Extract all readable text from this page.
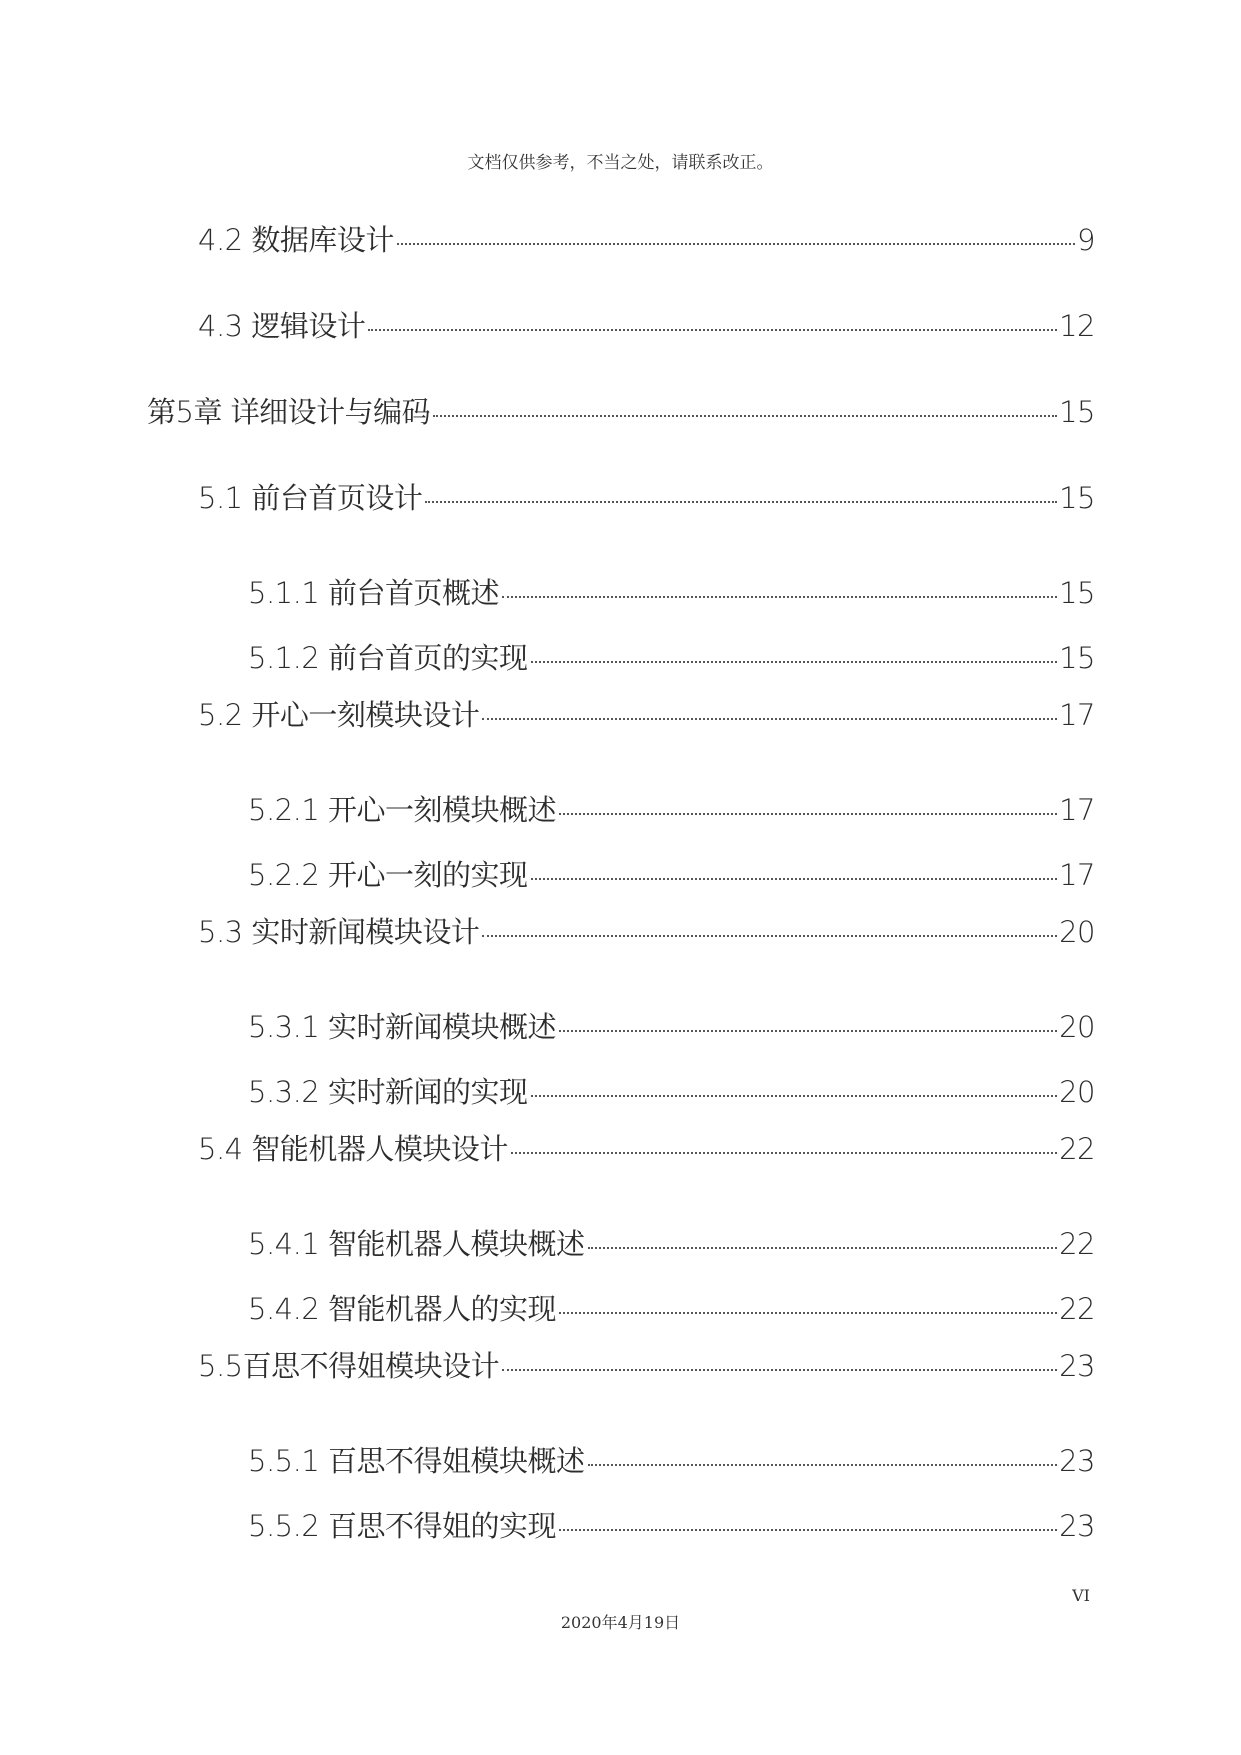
文档仅供参考，不当之处，请联系改正。
4.2 数据库设计	9
4.3 逻辑设计	12
第5章 详细设计与编码	15
5.1 前台首页设计	15
5.1.1 前台首页概述	15
5.1.2 前台首页的实现	15
5.2 开心一刻模块设计	17
5.2.1 开心一刻模块概述	17
5.2.2 开心一刻的实现	17
5.3 实时新闻模块设计	20
5.3.1 实时新闻模块概述	20
5.3.2 实时新闻的实现	20
5.4 智能机器人模块设计	22
5.4.1 智能机器人模块概述	22
5.4.2 智能机器人的实现	22
5.5百思不得姐模块设计	23
5.5.1 百思不得姐模块概述	23
5.5.2 百思不得姐的实现	23
VI
2020年4月19日
